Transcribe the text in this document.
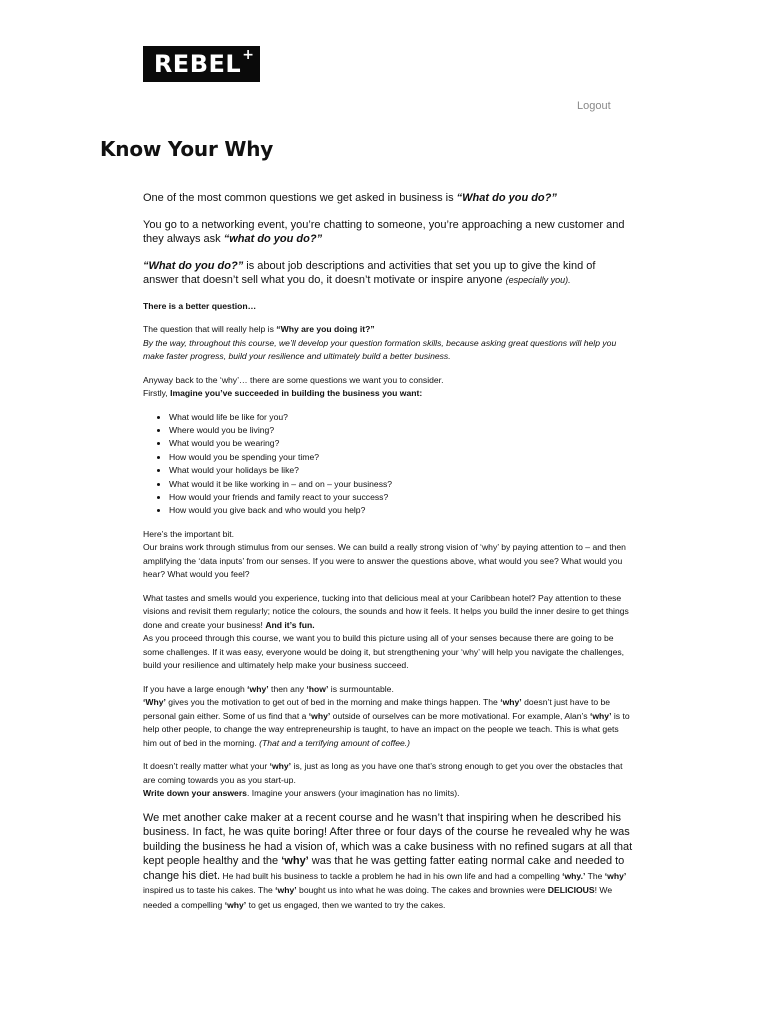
REBEL +
Logout
Know Your Why

One of the most common questions we get asked in business is “What do you do?”

You go to a networking event, you’re chatting to someone, you’re approaching a new customer and they always ask “what do you do?”

“What do you do?” is about job descriptions and activities that set you up to give the kind of answer that doesn’t sell what you do, it doesn’t motivate or inspire anyone (especially you).

There is a better question…

The question that will really help is “Why are you doing it?”
By the way, throughout this course, we’ll develop your question formation skills, because asking great questions will help you make faster progress, build your resilience and ultimately build a better business.

Anyway back to the ‘why’… there are some questions we want you to consider.
Firstly, Imagine you’ve succeeded in building the business you want:

• What would life be like for you?
• Where would you be living?
• What would you be wearing?
• How would you be spending your time?
• What would your holidays be like?
• What would it be like working in – and on – your business?
• How would your friends and family react to your success?
• How would you give back and who would you help?

Here’s the important bit.
Our brains work through stimulus from our senses. We can build a really strong vision of ‘why’ by paying attention to – and then amplifying the ‘data inputs’ from our senses. If you were to answer the questions above, what would you see? What would you hear? What would you feel?

What tastes and smells would you experience, tucking into that delicious meal at your Caribbean hotel? Pay attention to these visions and revisit them regularly; notice the colours, the sounds and how it feels. It helps you build the inner desire to get things done and create your business! And it’s fun.
As you proceed through this course, we want you to build this picture using all of your senses because there are going to be some challenges. If it was easy, everyone would be doing it, but strengthening your ‘why’ will help you navigate the challenges, build your resilience and ultimately help make your business succeed.

If you have a large enough ‘why’ then any ‘how’ is surmountable.
‘Why’ gives you the motivation to get out of bed in the morning and make things happen. The ‘why’ doesn’t just have to be personal gain either. Some of us find that a ‘why’ outside of ourselves can be more motivational. For example, Alan’s ‘why’ is to help other people, to change the way entrepreneurship is taught, to have an impact on the people we teach. This is what gets him out of bed in the morning. (That and a terrifying amount of coffee.)

It doesn’t really matter what your ‘why’ is, just as long as you have one that’s strong enough to get you over the obstacles that are coming towards you as you start-up.
Write down your answers. Imagine your answers (your imagination has no limits).

We met another cake maker at a recent course and he wasn’t that inspiring when he described his business. In fact, he was quite boring! After three or four days of the course he revealed why he was building the business he had a vision of, which was a cake business with no refined sugars at all that kept people healthy and the ‘why’ was that he was getting fatter eating normal cake and needed to change his diet. He had built his business to tackle a problem he had in his own life and had a compelling ‘why.’ The ‘why’ inspired us to taste his cakes. The ‘why’ bought us into what he was doing. The cakes and brownies were DELICIOUS! We needed a compelling ‘why’ to get us engaged, then we wanted to try the cakes.
